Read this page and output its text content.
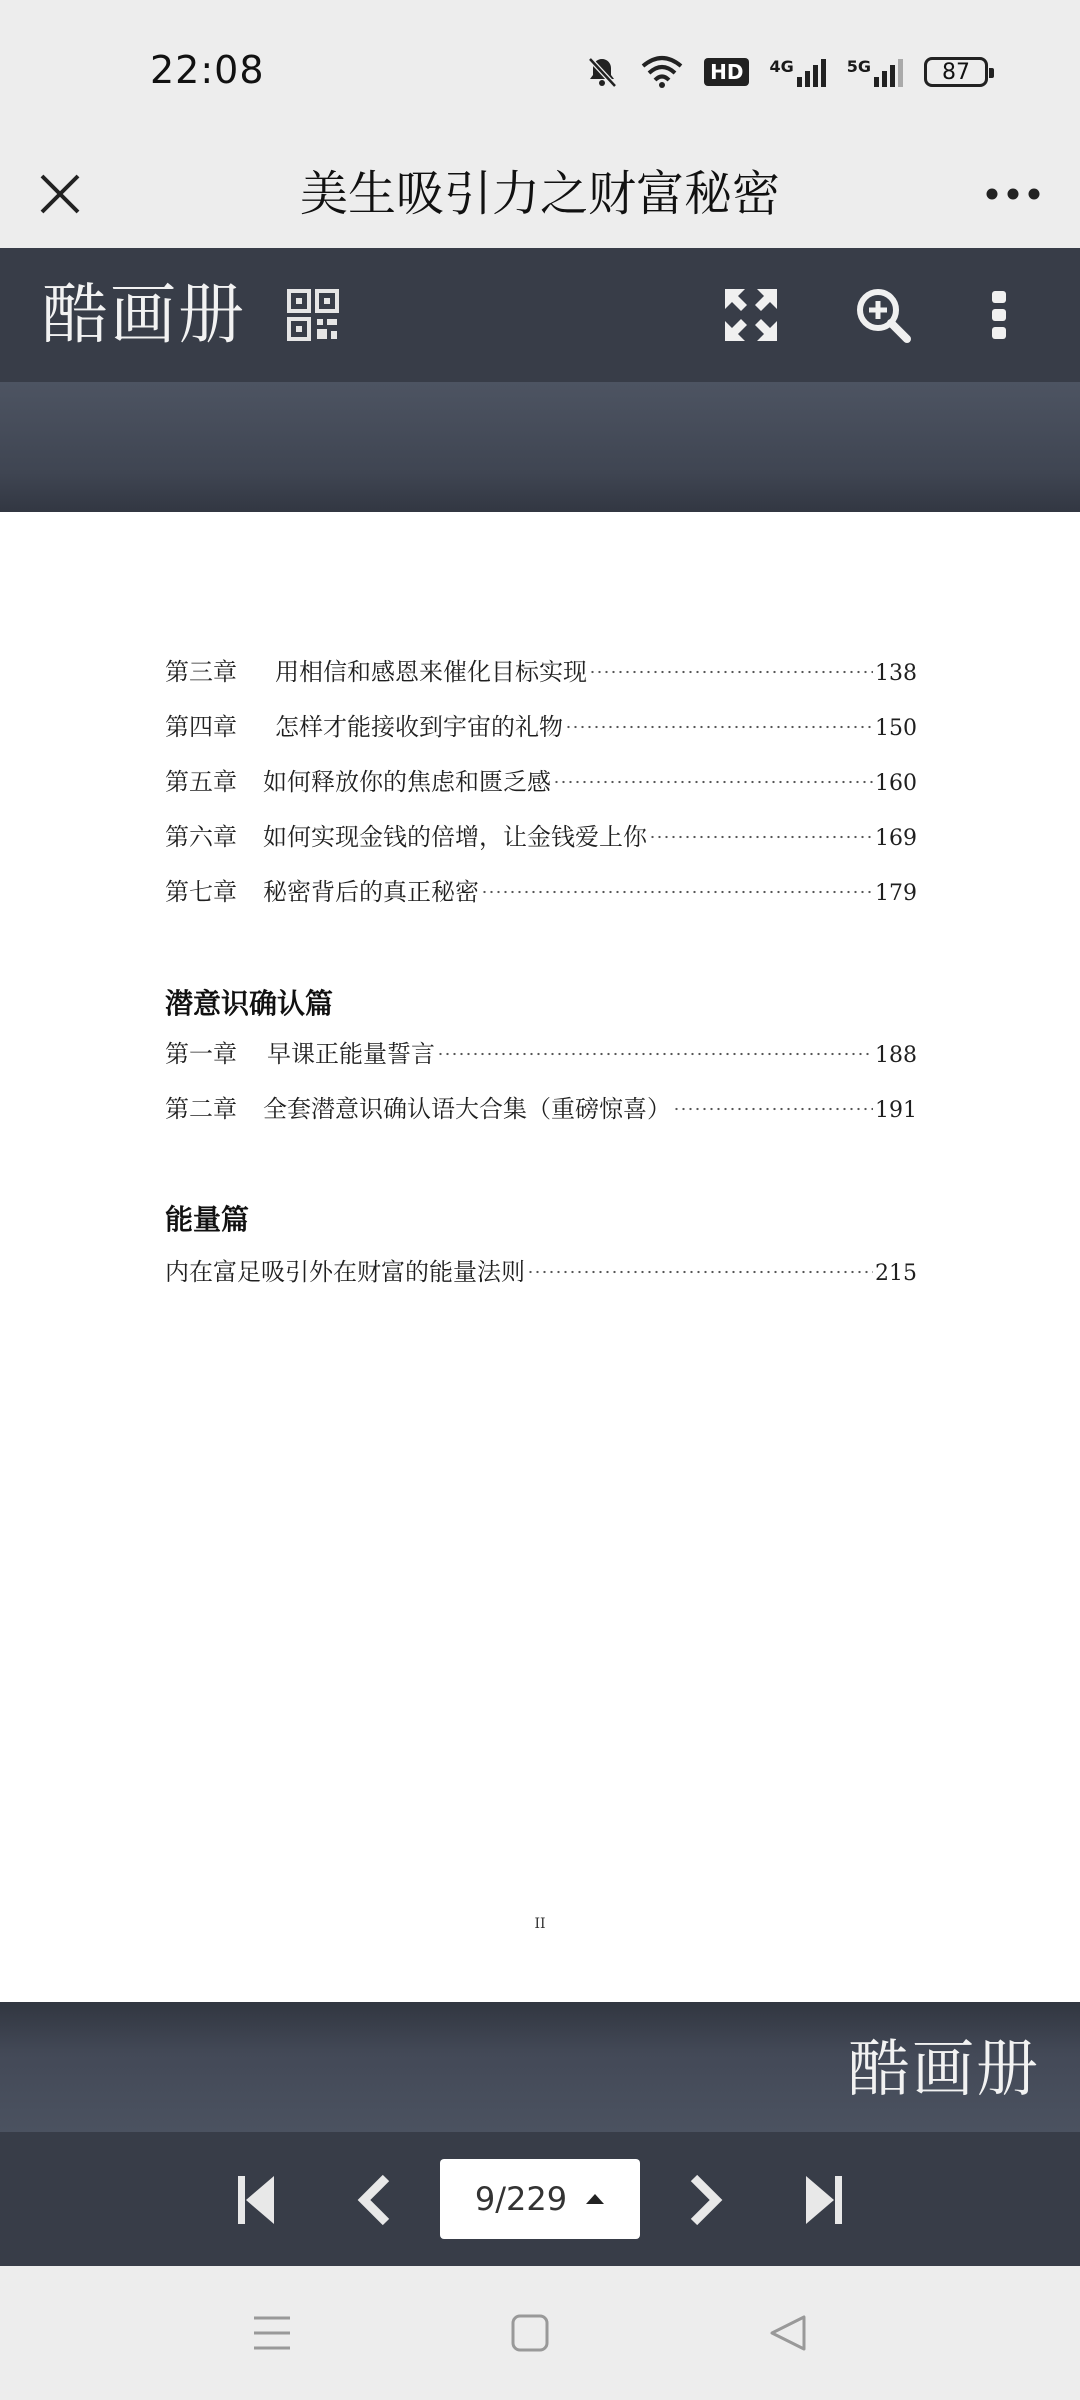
22:08	HD	4G	5G	87
美生吸引力之财富秘密
酷画册
第三章 用相信和感恩来催化目标实现	138
第四章 怎样才能接收到宇宙的礼物	150
第五章 如何释放你的焦虑和匮乏感	160
第六章 如何实现金钱的倍增，让金钱爱上你	169
第七章 秘密背后的真正秘密	179
潜意识确认篇
第一章 早课正能量誓言	188
第二章 全套潜意识确认语大合集（重磅惊喜）	191
能量篇
内在富足吸引外在财富的能量法则	215
II
酷画册
9/229
